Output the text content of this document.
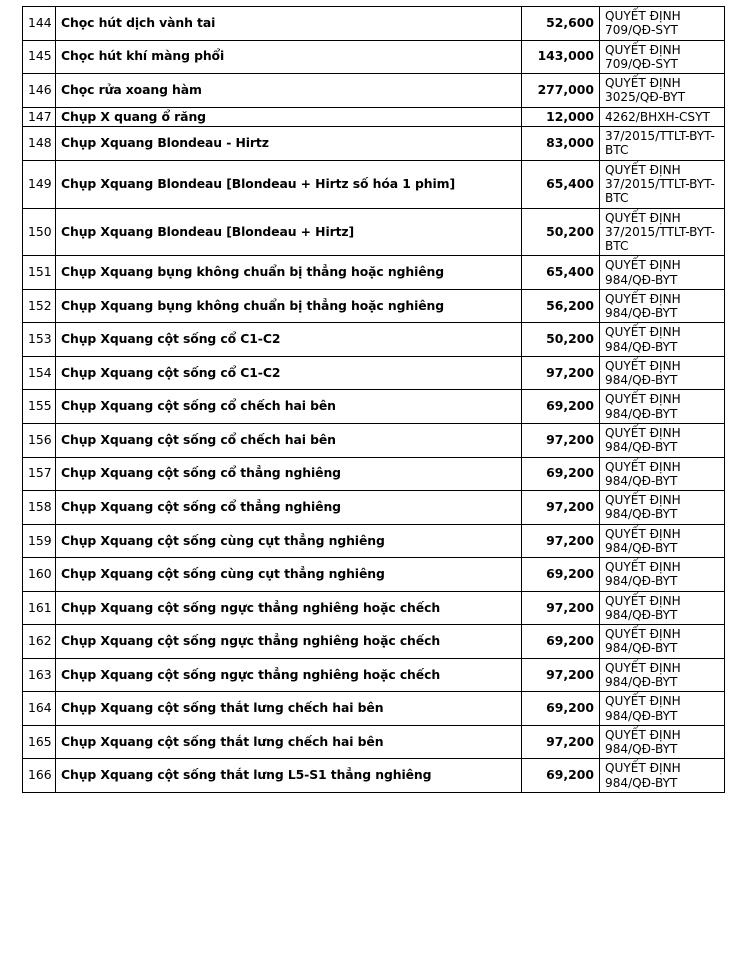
144	Chọc hút dịch vành tai	52,600	QUYẾT ĐỊNH
709/QĐ-SYT

145	Chọc hút khí màng phổi	143,000	QUYẾT ĐỊNH
709/QĐ-SYT

146	Chọc rửa xoang hàm	277,000	QUYẾT ĐỊNH
3025/QĐ-BYT

147	Chụp X quang ổ răng	12,000	4262/BHXH-CSYT

148	Chụp Xquang Blondeau - Hirtz	83,000	37/2015/TTLT-BYT-
BTC

149	Chụp Xquang Blondeau [Blondeau + Hirtz số hóa 1 phim]	65,400	QUYẾT ĐỊNH
37/2015/TTLT-BYT-
BTC

150	Chụp Xquang Blondeau [Blondeau + Hirtz]	50,200	QUYẾT ĐỊNH
37/2015/TTLT-BYT-
BTC

151	Chụp Xquang bụng không chuẩn bị thẳng hoặc nghiêng	65,400	QUYẾT ĐỊNH
984/QĐ-BYT

152	Chụp Xquang bụng không chuẩn bị thẳng hoặc nghiêng	56,200	QUYẾT ĐỊNH
984/QĐ-BYT

153	Chụp Xquang cột sống cổ C1-C2	50,200	QUYẾT ĐỊNH
984/QĐ-BYT

154	Chụp Xquang cột sống cổ C1-C2	97,200	QUYẾT ĐỊNH
984/QĐ-BYT

155	Chụp Xquang cột sống cổ chếch hai bên	69,200	QUYẾT ĐỊNH
984/QĐ-BYT

156	Chụp Xquang cột sống cổ chếch hai bên	97,200	QUYẾT ĐỊNH
984/QĐ-BYT

157	Chụp Xquang cột sống cổ thẳng nghiêng	69,200	QUYẾT ĐỊNH
984/QĐ-BYT

158	Chụp Xquang cột sống cổ thẳng nghiêng	97,200	QUYẾT ĐỊNH
984/QĐ-BYT

159	Chụp Xquang cột sống cùng cụt thẳng nghiêng	97,200	QUYẾT ĐỊNH
984/QĐ-BYT

160	Chụp Xquang cột sống cùng cụt thẳng nghiêng	69,200	QUYẾT ĐỊNH
984/QĐ-BYT

161	Chụp Xquang cột sống ngực thẳng nghiêng hoặc chếch	97,200	QUYẾT ĐỊNH
984/QĐ-BYT

162	Chụp Xquang cột sống ngực thẳng nghiêng hoặc chếch	69,200	QUYẾT ĐỊNH
984/QĐ-BYT

163	Chụp Xquang cột sống ngực thẳng nghiêng hoặc chếch	97,200	QUYẾT ĐỊNH
984/QĐ-BYT

164	Chụp Xquang cột sống thắt lưng chếch hai bên	69,200	QUYẾT ĐỊNH
984/QĐ-BYT

165	Chụp Xquang cột sống thắt lưng chếch hai bên	97,200	QUYẾT ĐỊNH
984/QĐ-BYT

166	Chụp Xquang cột sống thắt lưng L5-S1 thẳng nghiêng	69,200	QUYẾT ĐỊNH
984/QĐ-BYT
